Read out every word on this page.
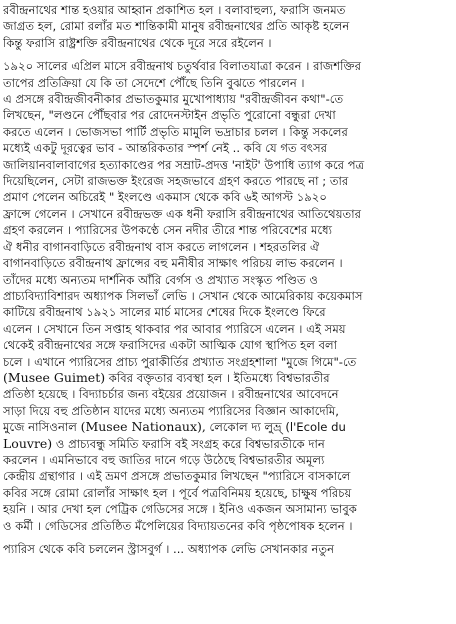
রবীন্দ্রনাথের শান্ত হওয়ার আহ্বান প্রকাশিত হল । বলাবাহুল্য, ফরাসি জনমত
জাগ্রত হল, রোমা রলাঁর মত শান্তিকামী মানুষ রবীন্দ্রনাথের প্রতি আকৃষ্ট হলেন
কিন্তু ফরাসি রাষ্ট্রশক্তি রবীন্দ্রনাথের থেকে দূরে সরে রইলেন ।

১৯২০ সালের এপ্রিল মাসে রবীন্দ্রনাথ চতুর্থবার বিলাতযাত্রা করেন । রাজশক্তির
তাপের প্রতিক্রিয়া যে কি তা সেদেশে পৌঁছে তিনি বুঝতে পারলেন ।
এ প্রসঙ্গে রবীন্দ্রজীবনীকার প্রভাতকুমার মুখোপাধ্যায় "রবীন্দ্রজীবন কথা"-তে
লিখছেন, "লণ্ডনে পৌঁছবার পর রোদেনস্টাইন প্রভৃতি পুরোনো বন্ধুরা দেখা
করতে এলেন । ভোজসভা পার্টি প্রভৃতি মামুলি ভদ্রাচার চলল । কিন্তু সকলের
মধ্যেই একটু দূরত্বের ভাব - আন্তরিকতার স্পর্শ নেই .. কবি যে গত বৎসর
জালিয়ানবালাবাগের হত্যাকাণ্ডের পর সম্রাট-প্রদত্ত 'নাইট' উপাধি ত্যাগ করে পত্র
দিয়েছিলেন, সেটা রাজভক্ত ইংরেজ সহজভাবে গ্রহণ করতে পারছে না ; তার
প্রমাণ পেলেন অচিরেই " ইংলণ্ডে একমাস থেকে কবি ৬ই আগস্ট ১৯২০
ফ্রান্সে গেলেন । সেখানে রবীন্দ্রভক্ত এক ধনী ফরাসি রবীন্দ্রনাথের আতিথেয়তার
গ্রহণ করলেন । প্যারিসের উপকণ্ঠে সেন নদীর তীরে শান্ত পরিবেশের মধ্যে
ঐ ধনীর বাগানবাড়িতে রবীন্দ্রনাথ বাস করতে লাগলেন । শহরতলির ঐ
বাগানবাড়িতে রবীন্দ্রনাথ ফ্রান্সের বহু মনীষীর সাক্ষাৎ পরিচয় লাভ করলেন ।
তাঁদের মধ্যে অন্যতম দার্শনিক আঁরি বের্গস ও প্রখ্যাত সংস্কৃত পণ্ডিত ও
প্রাচ্যবিদ্যাবিশারদ অধ্যাপক সিলভাঁ লেভি । সেখান থেকে আমেরিকায় কয়েকমাস
কাটিয়ে রবীন্দ্রনাথ ১৯২১ সালের মার্চ মাসের শেষের দিকে ইংলণ্ডে ফিরে
এলেন । সেখানে তিন সপ্তাহ থাকবার পর আবার প্যারিসে এলেন । এই সময়
থেকেই রবীন্দ্রনাথের সঙ্গে ফরাসিদের একটা আত্মিক যোগ স্থাপিত হল বলা
চলে । এখানে প্যারিসের প্রাচ্য পুরাকীর্তির প্রখ্যাত সংগ্রহশালা "মুজে গিমে"-তে
(Musee Guimet) কবির বক্তৃতার ব্যবস্থা হল । ইতিমধ্যে বিশ্বভারতীর
প্রতিষ্ঠা হয়েছে । বিদ্যাচর্চার জন্য বইয়ের প্রয়োজন । রবীন্দ্রনাথের আবেদনে
সাড়া দিয়ে বহু প্রতিষ্ঠান যাদের মধ্যে অন্যতম প্যারিসের বিজ্ঞান আকাদেমি,
মুজে নাসিওনাল (Musee Nationaux), লেকোল দ্য লুভ্র্‌ (l'Ecole du
Louvre) ও প্রাচ্যবন্ধু সমিতি ফরাসি বই সংগ্রহ করে বিশ্বভারতীকে দান
করলেন । এমনিভাবে বহু জাতির দানে গড়ে উঠেছে বিশ্বভারতীর অমূল্য
কেন্দ্রীয় গ্রন্থাগার । এই ভ্রমণ প্রসঙ্গে প্রভাতকুমার লিখছেন "প্যারিসে বাসকালে
কবির সঙ্গে রোমা রোলাঁর সাক্ষাৎ হল । পূর্বে পত্রবিনিময় হয়েছে, চাক্ষুষ পরিচয়
হয়নি । আর দেখা হল পেট্রিক গেডিসের সঙ্গে । ইনিও একজন অসামান্য ভাবুক
ও কর্মী । গেডিসের প্রতিষ্ঠিত মঁপেলিয়ের বিদ্যায়তনের কবি পৃষ্ঠপোষক হলেন ।

প্যারিস থেকে কবি চললেন স্ট্রাসবুর্গ । ... অধ্যাপক লেভি সেখানকার নতুন
